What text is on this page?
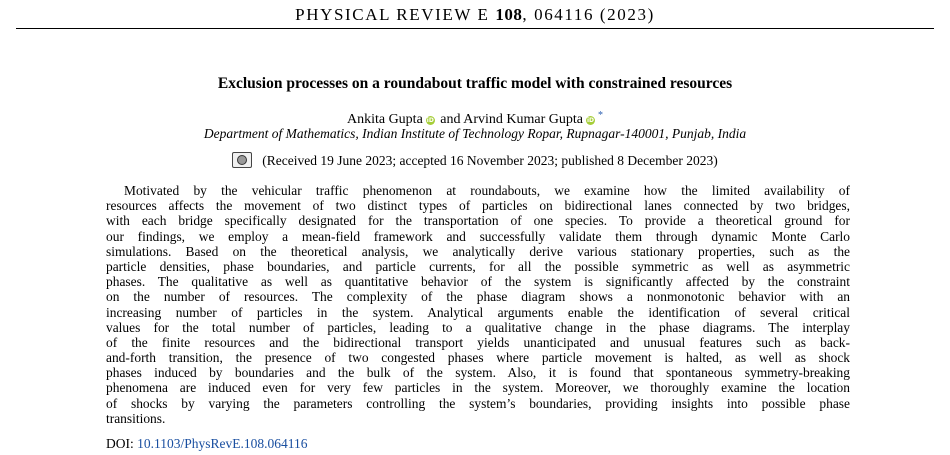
PHYSICAL REVIEW E 108, 064116 (2023)
Exclusion processes on a roundabout traffic model with constrained resources
Ankita Gupta iD and Arvind Kumar Gupta iD *
Department of Mathematics, Indian Institute of Technology Ropar, Rupnagar-140001, Punjab, India
(Received 19 June 2023; accepted 16 November 2023; published 8 December 2023)
Motivated by the vehicular traffic phenomenon at roundabouts, we examine how the limited availability of
resources affects the movement of two distinct types of particles on bidirectional lanes connected by two bridges,
with each bridge specifically designated for the transportation of one species. To provide a theoretical ground for
our findings, we employ a mean-field framework and successfully validate them through dynamic Monte Carlo
simulations. Based on the theoretical analysis, we analytically derive various stationary properties, such as the
particle densities, phase boundaries, and particle currents, for all the possible symmetric as well as asymmetric
phases. The qualitative as well as quantitative behavior of the system is significantly affected by the constraint
on the number of resources. The complexity of the phase diagram shows a nonmonotonic behavior with an
increasing number of particles in the system. Analytical arguments enable the identification of several critical
values for the total number of particles, leading to a qualitative change in the phase diagrams. The interplay
of the finite resources and the bidirectional transport yields unanticipated and unusual features such as back-
and-forth transition, the presence of two congested phases where particle movement is halted, as well as shock
phases induced by boundaries and the bulk of the system. Also, it is found that spontaneous symmetry-breaking
phenomena are induced even for very few particles in the system. Moreover, we thoroughly examine the location
of shocks by varying the parameters controlling the system’s boundaries, providing insights into possible phase
transitions.
DOI: 10.1103/PhysRevE.108.064116
